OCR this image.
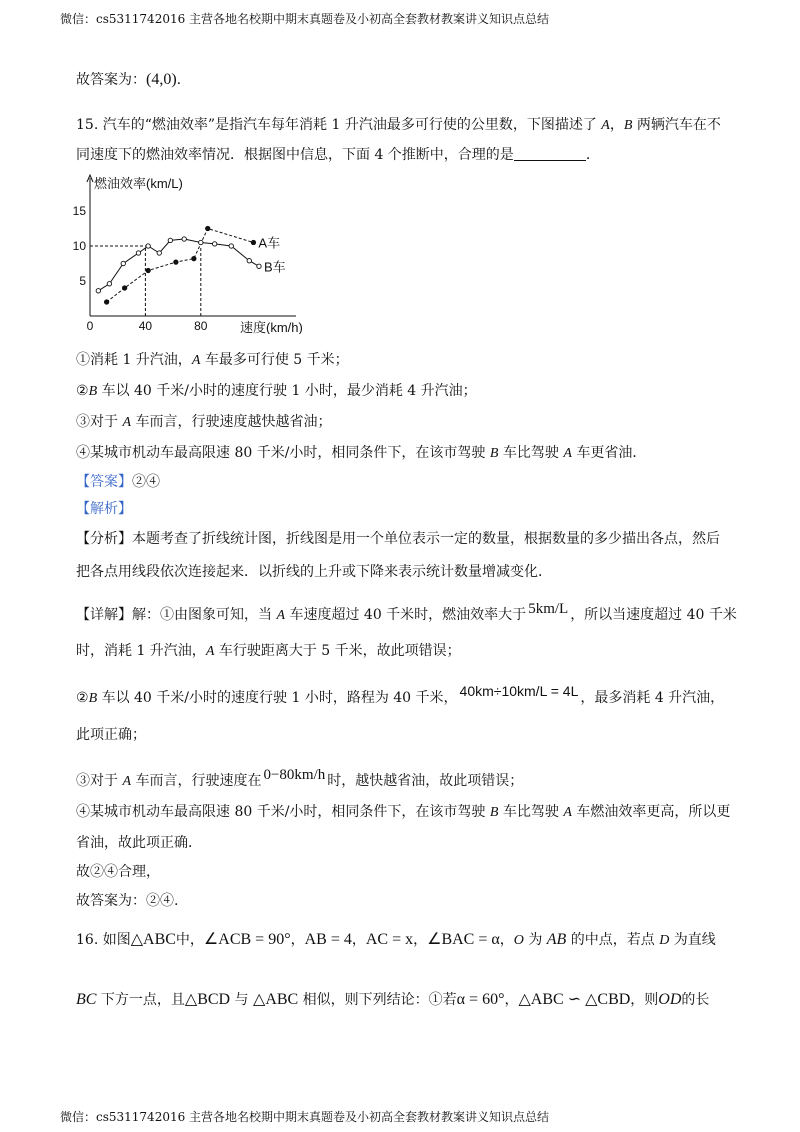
微信：cs5311742016 主营各地名校期中期末真题卷及小初高全套教材教案讲义知识点总结
故答案为：(4,0).
15. 汽车的“燃油效率”是指汽车每年消耗 1 升汽油最多可行使的公里数，下图描述了 A，B 两辆汽车在不
同速度下的燃油效率情况．根据图中信息，下面 4 个推断中，合理的是	.
燃油效率(km/L)
速度(km/h)
0	40	80
5
10
15
A车
B车
①消耗 1 升汽油，A 车最多可行使 5 千米；
②B 车以 40 千米/小时的速度行驶 1 小时，最少消耗 4 升汽油；
③对于 A 车而言，行驶速度越快越省油；
④某城市机动车最高限速 80 千米/小时，相同条件下，在该市驾驶 B 车比驾驶 A 车更省油．
【答案】②④
【解析】
【分析】本题考查了折线统计图，折线图是用一个单位表示一定的数量，根据数量的多少描出各点，然后
把各点用线段依次连接起来．以折线的上升或下降来表示统计数量增减变化．
【详解】解：①由图象可知，当 A 车速度超过 40 千米时，燃油效率大于 5km/L ，所以当速度超过 40 千米
时，消耗 1 升汽油，A 车行驶距离大于 5 千米，故此项错误；
②B 车以 40 千米/小时的速度行驶 1 小时，路程为 40 千米， 40km÷10km/L = 4L ，最多消耗 4 升汽油，
此项正确；
③对于 A 车而言，行驶速度在 0−80km/h 时，越快越省油，故此项错误；
④某城市机动车最高限速 80 千米/小时，相同条件下，在该市驾驶 B 车比驾驶 A 车燃油效率更高，所以更
省油，故此项正确．
故②④合理，
故答案为：②④.
16. 如图△ABC中，∠ACB = 90°，AB = 4，AC = x，∠BAC = α，O 为 AB 的中点，若点 D 为直线
BC 下方一点，且△BCD 与 △ABC 相似，则下列结论：①若α = 60°，△ABC ∽ △CBD，则OD的长
微信：cs5311742016 主营各地名校期中期末真题卷及小初高全套教材教案讲义知识点总结
